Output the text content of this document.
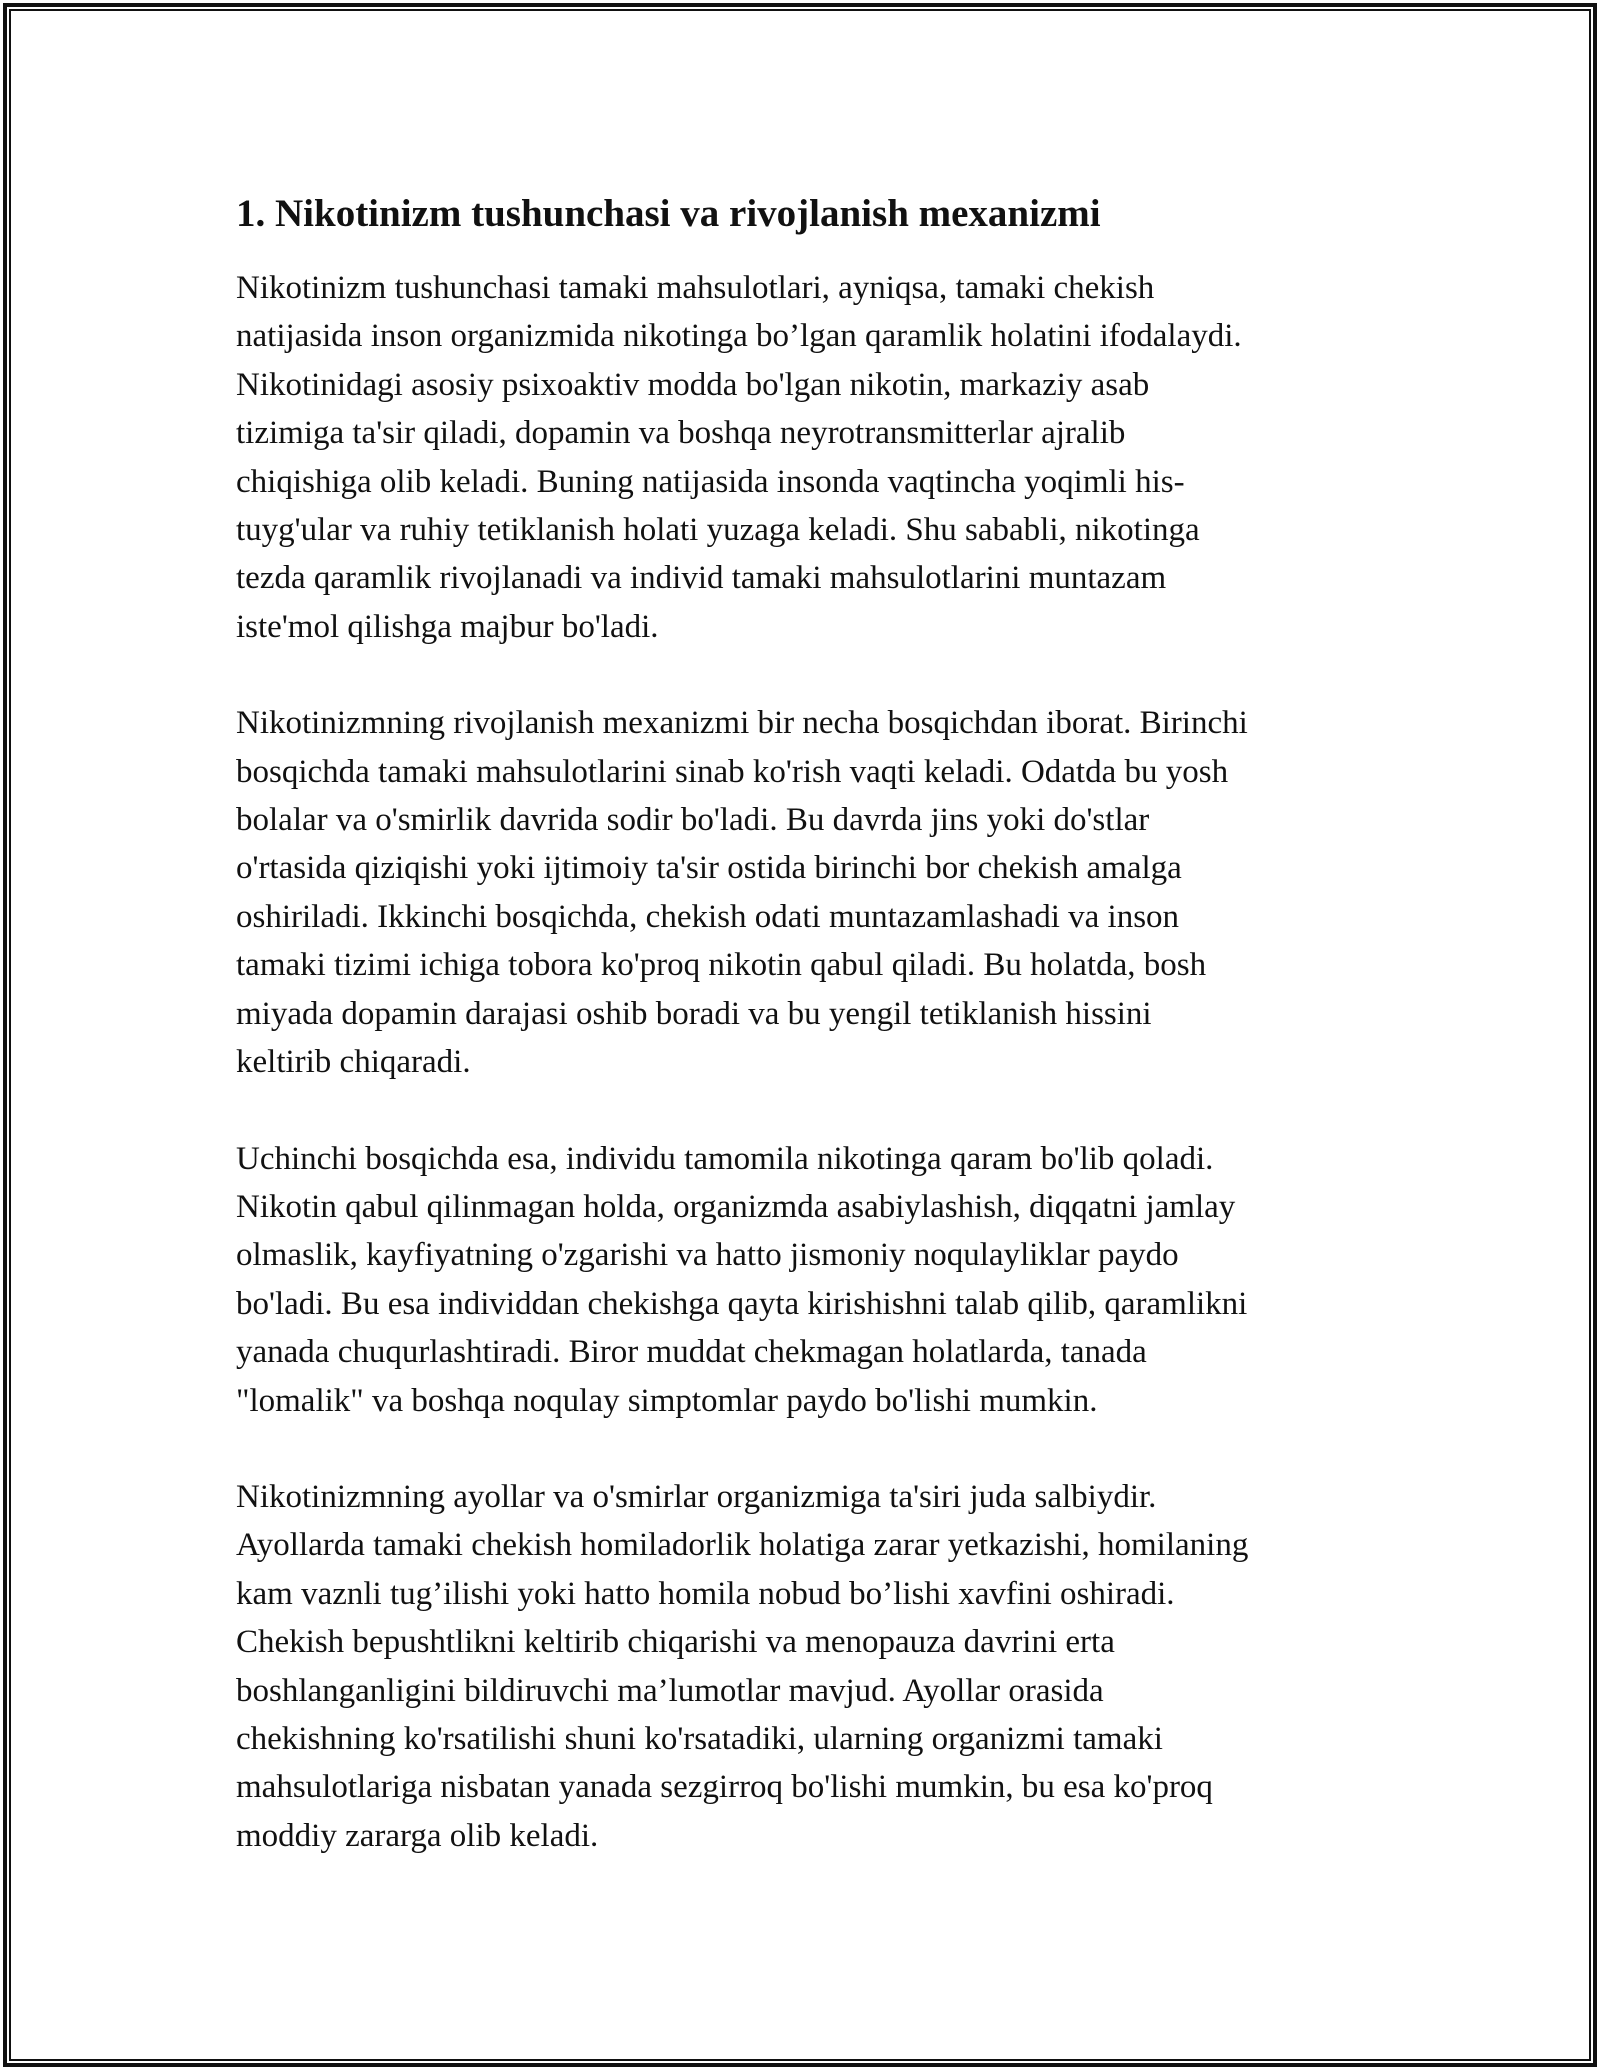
1. Nikotinizm tushunchasi va rivojlanish mexanizmi

Nikotinizm tushunchasi tamaki mahsulotlari, ayniqsa, tamaki chekish
natijasida inson organizmida nikotinga bo’lgan qaramlik holatini ifodalaydi.
Nikotinidagi asosiy psixoaktiv modda bo'lgan nikotin, markaziy asab
tizimiga ta'sir qiladi, dopamin va boshqa neyrotransmitterlar ajralib
chiqishiga olib keladi. Buning natijasida insonda vaqtincha yoqimli his-
tuyg'ular va ruhiy tetiklanish holati yuzaga keladi. Shu sababli, nikotinga
tezda qaramlik rivojlanadi va individ tamaki mahsulotlarini muntazam
iste'mol qilishga majbur bo'ladi.

Nikotinizmning rivojlanish mexanizmi bir necha bosqichdan iborat. Birinchi
bosqichda tamaki mahsulotlarini sinab ko'rish vaqti keladi. Odatda bu yosh
bolalar va o'smirlik davrida sodir bo'ladi. Bu davrda jins yoki do'stlar
o'rtasida qiziqishi yoki ijtimoiy ta'sir ostida birinchi bor chekish amalga
oshiriladi. Ikkinchi bosqichda, chekish odati muntazamlashadi va inson
tamaki tizimi ichiga tobora ko'proq nikotin qabul qiladi. Bu holatda, bosh
miyada dopamin darajasi oshib boradi va bu yengil tetiklanish hissini
keltirib chiqaradi.

Uchinchi bosqichda esa, individu tamomila nikotinga qaram bo'lib qoladi.
Nikotin qabul qilinmagan holda, organizmda asabiylashish, diqqatni jamlay
olmaslik, kayfiyatning o'zgarishi va hatto jismoniy noqulayliklar paydo
bo'ladi. Bu esa individdan chekishga qayta kirishishni talab qilib, qaramlikni
yanada chuqurlashtiradi. Biror muddat chekmagan holatlarda, tanada
"lomalik" va boshqa noqulay simptomlar paydo bo'lishi mumkin.

Nikotinizmning ayollar va o'smirlar organizmiga ta'siri juda salbiydir.
Ayollarda tamaki chekish homiladorlik holatiga zarar yetkazishi, homilaning
kam vaznli tug’ilishi yoki hatto homila nobud bo’lishi xavfini oshiradi.
Chekish bepushtlikni keltirib chiqarishi va menopauza davrini erta
boshlanganligini bildiruvchi ma’lumotlar mavjud. Ayollar orasida
chekishning ko'rsatilishi shuni ko'rsatadiki, ularning organizmi tamaki
mahsulotlariga nisbatan yanada sezgirroq bo'lishi mumkin, bu esa ko'proq
moddiy zararga olib keladi.
